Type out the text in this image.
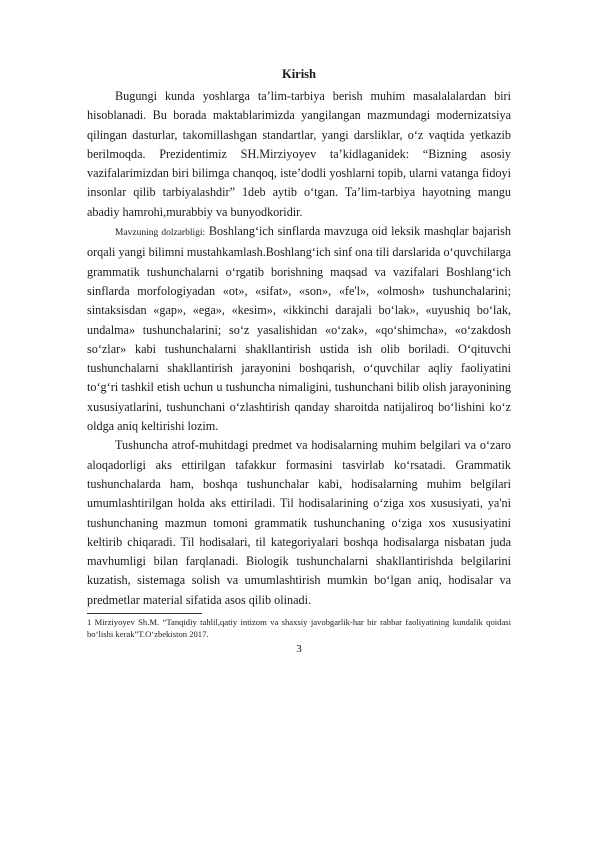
Kirish

Bugungi kunda yoshlarga ta’lim-tarbiya berish muhim masalalalardan biri hisoblanadi. Bu borada maktablarimizda yangilangan mazmundagi modernizatsiya qilingan dasturlar, takomillashgan standartlar, yangi darsliklar, o‘z vaqtida yetkazib berilmoqda. Prezidentimiz SH.Mirziyoyev ta’kidlaganidek: “Bizning asosiy vazifalarimizdan biri bilimga chanqoq, iste’dodli yoshlarni topib, ularni vatanga fidoyi insonlar qilib tarbiyalashdir” 1deb aytib o‘tgan. Ta’lim-tarbiya hayotning mangu abadiy hamrohi,murabbiy va bunyodkoridir.

Mavzuning dolzarbligi: Boshlang‘ich sinflarda mavzuga oid leksik mashqlar bajarish orqali yangi bilimni mustahkamlash.Boshlang‘ich sinf ona tili darslarida o‘quvchilarga grammatik tushunchalarni o‘rgatib borishning maqsad va vazifalari Boshlang‘ich sinflarda morfologiyadan «ot», «sifat», «son», «fe'l», «olmosh» tushunchalarini; sintaksisdan «gap», «ega», «kesim», «ikkinchi darajali bo‘lak», «uyushiq bo‘lak, undalma» tushunchalarini; so‘z yasalishidan «o‘zak», «qo‘shimcha», «o‘zakdosh so‘zlar» kabi tushunchalarni shakllantirish ustida ish olib boriladi. O‘qituvchi tushunchalarni shakllantirish jarayonini boshqarish, o‘quvchilar aqliy faoliyatini to‘g‘ri tashkil etish uchun u tushuncha nimaligini, tushunchani bilib olish jarayonining xususiyatlarini, tushunchani o‘zlashtirish qanday sharoitda natijaliroq bo‘lishini ko‘z oldga aniq keltirishi lozim.

Tushuncha atrof-muhitdagi predmet va hodisalarning muhim belgilari va o‘zaro aloqadorligi aks ettirilgan tafakkur formasini tasvirlab ko‘rsatadi. Grammatik tushunchalarda ham, boshqa tushunchalar kabi, hodisalarning muhim belgilari umumlashtirilgan holda aks ettiriladi. Til hodisalarining o‘ziga xos xususiyati, ya'ni tushunchaning mazmun tomoni grammatik tushunchaning o‘ziga xos xususiyatini keltirib chiqaradi. Til hodisalari, til kategoriyalari boshqa hodisalarga nisbatan juda mavhumligi bilan farqlanadi. Biologik tushunchalarni shakllantirishda belgilarini kuzatish, sistemaga solish va umumlashtirish mumkin bo‘lgan aniq, hodisalar va predmetlar material sifatida asos qilib olinadi.

1 Mirziyoyev Sh.M. “Tanqidiy tahlil,qatiy intizom va shaxsiy javobgarlik-har bir rahbar faoliyatining kundalik qoidasi bo‘lishi kerak”T.O‘zbekiston 2017.
3
